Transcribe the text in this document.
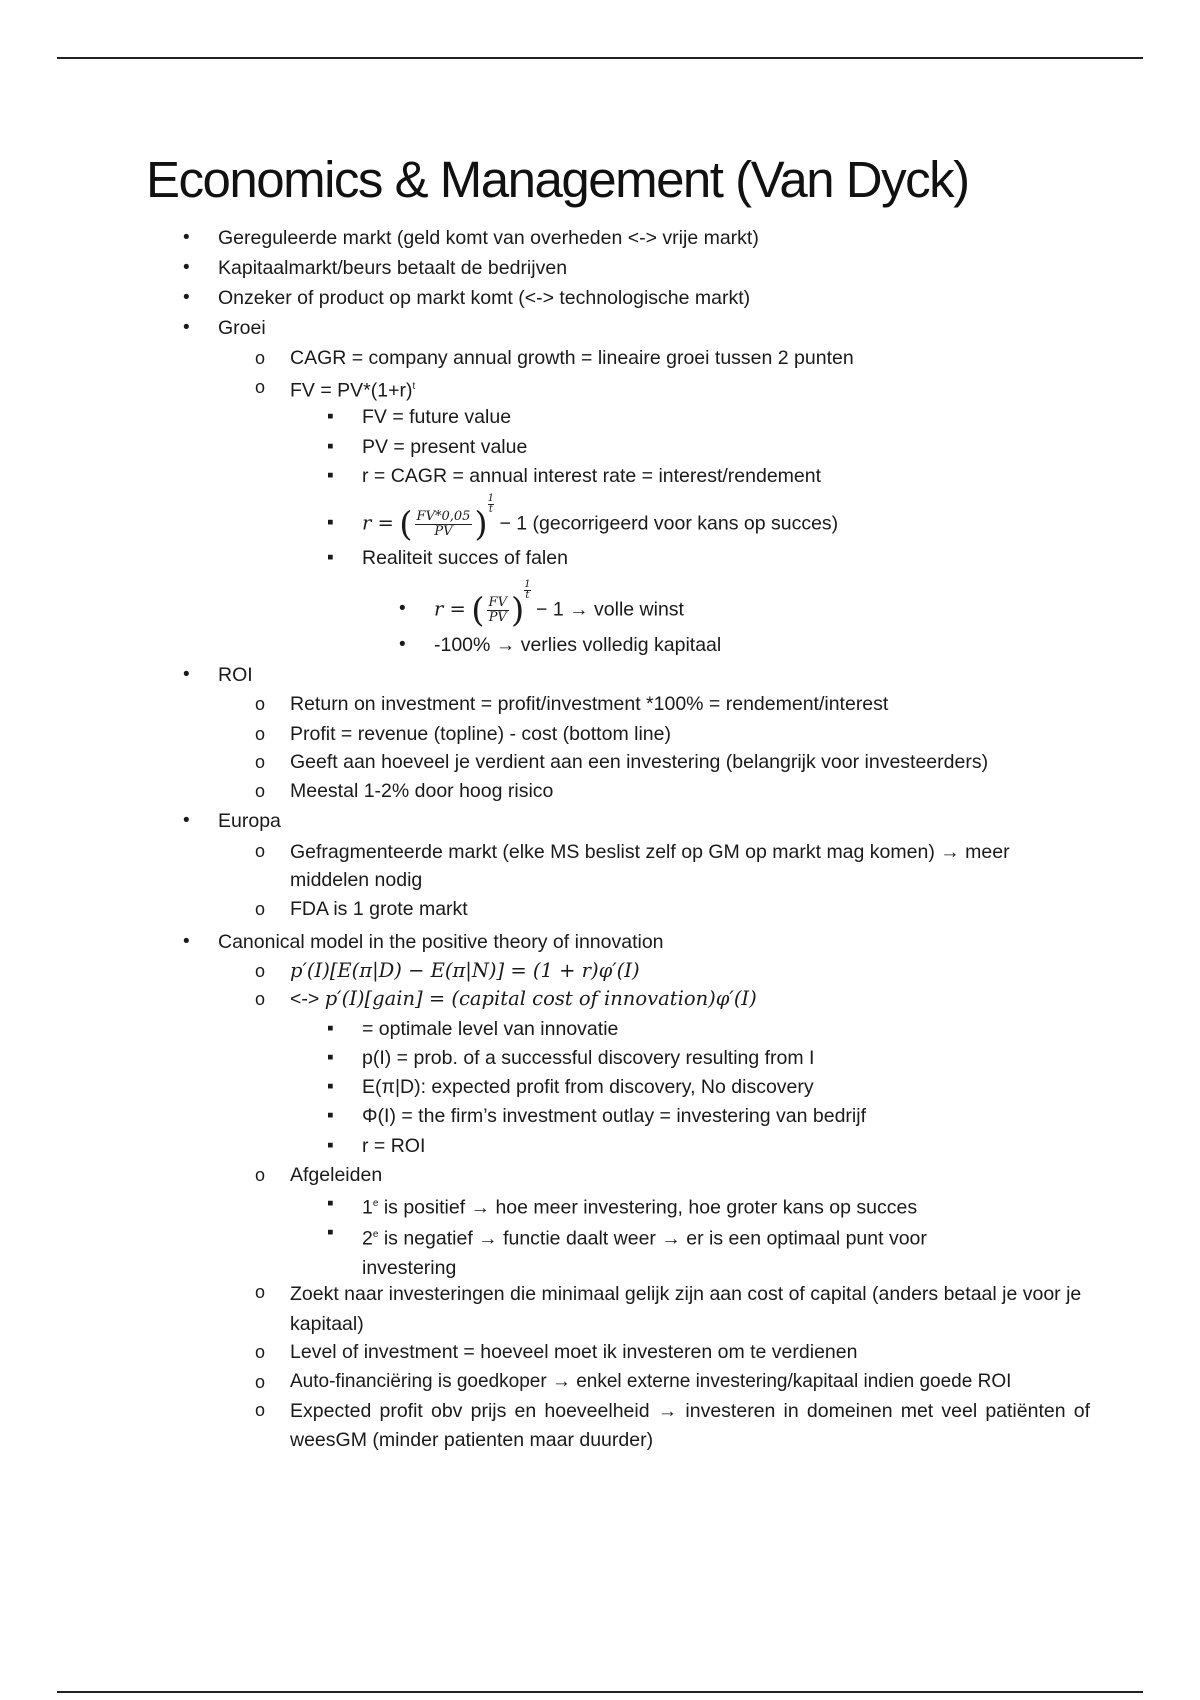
Economics & Management (Van Dyck)
•
Gereguleerde markt (geld komt van overheden <-> vrije markt)
•
Kapitaalmarkt/beurs betaalt de bedrijven
•
Onzeker of product op markt komt (<-> technologische markt)
•
Groei
o
CAGR = company annual growth = lineaire groei tussen 2 punten
o
FV = $PV*(1+r)^t$
▪
FV = future value
▪
PV = present value
▪
r = CAGR = annual interest rate = interest/rendement
▪
r = ( $\frac{FV*0,05}{PV}$ ) $\frac{1}{t}$
− 1 (gecorrigeerd voor kans op succes)
▪
Realiteit succes of falen
•
r = ( $\frac{FV}{PV}$ ) $\frac{1}{t}$
− 1 → volle winst
•
-100% → verlies volledig kapitaal
•
ROI
o
Return on investment = profit/investment *100% = rendement/interest
o
Profit = revenue (topline) - cost (bottom line)
o
Geeft aan hoeveel je verdient aan een investering (belangrijk voor investeerders)
o
Meestal 1-2% door hoog risico
•
Europa
o
Gefragmenteerde markt (elke MS beslist zelf op GM op markt mag komen) → meer middelen nodig
o
FDA is 1 grote markt
•
Canonical model in the positive theory of innovation
o
p′(I)[E(π|D) − E(π|N)] = (1 + r)φ′(I)
o
<-> p′(I)[gain] = (capital cost of innovation)φ′(I)
▪
= optimale level van innovatie
▪
p(I) = prob. of a successful discovery resulting from I
▪
E(π|D): expected profit from discovery, No discovery
▪
Φ(I) = the firm’s investment outlay = investering van bedrijf
▪
r = ROI
o
Afgeleiden
▪
1e is positief → hoe meer investering, hoe groter kans op succes
▪
2e is negatief → functie daalt weer → er is een optimaal punt voor investering
o
Zoekt naar investeringen die minimaal gelijk zijn aan cost of capital (anders betaal je voor je kapitaal)
o
Level of investment = hoeveel moet ik investeren om te verdienen
o
Auto-financiëring is goedkoper → enkel externe investering/kapitaal indien goede ROI
o
Expected profit obv prijs en hoeveelheid → investeren in domeinen met veel patiënten of weesGM (minder patienten maar duurder)
